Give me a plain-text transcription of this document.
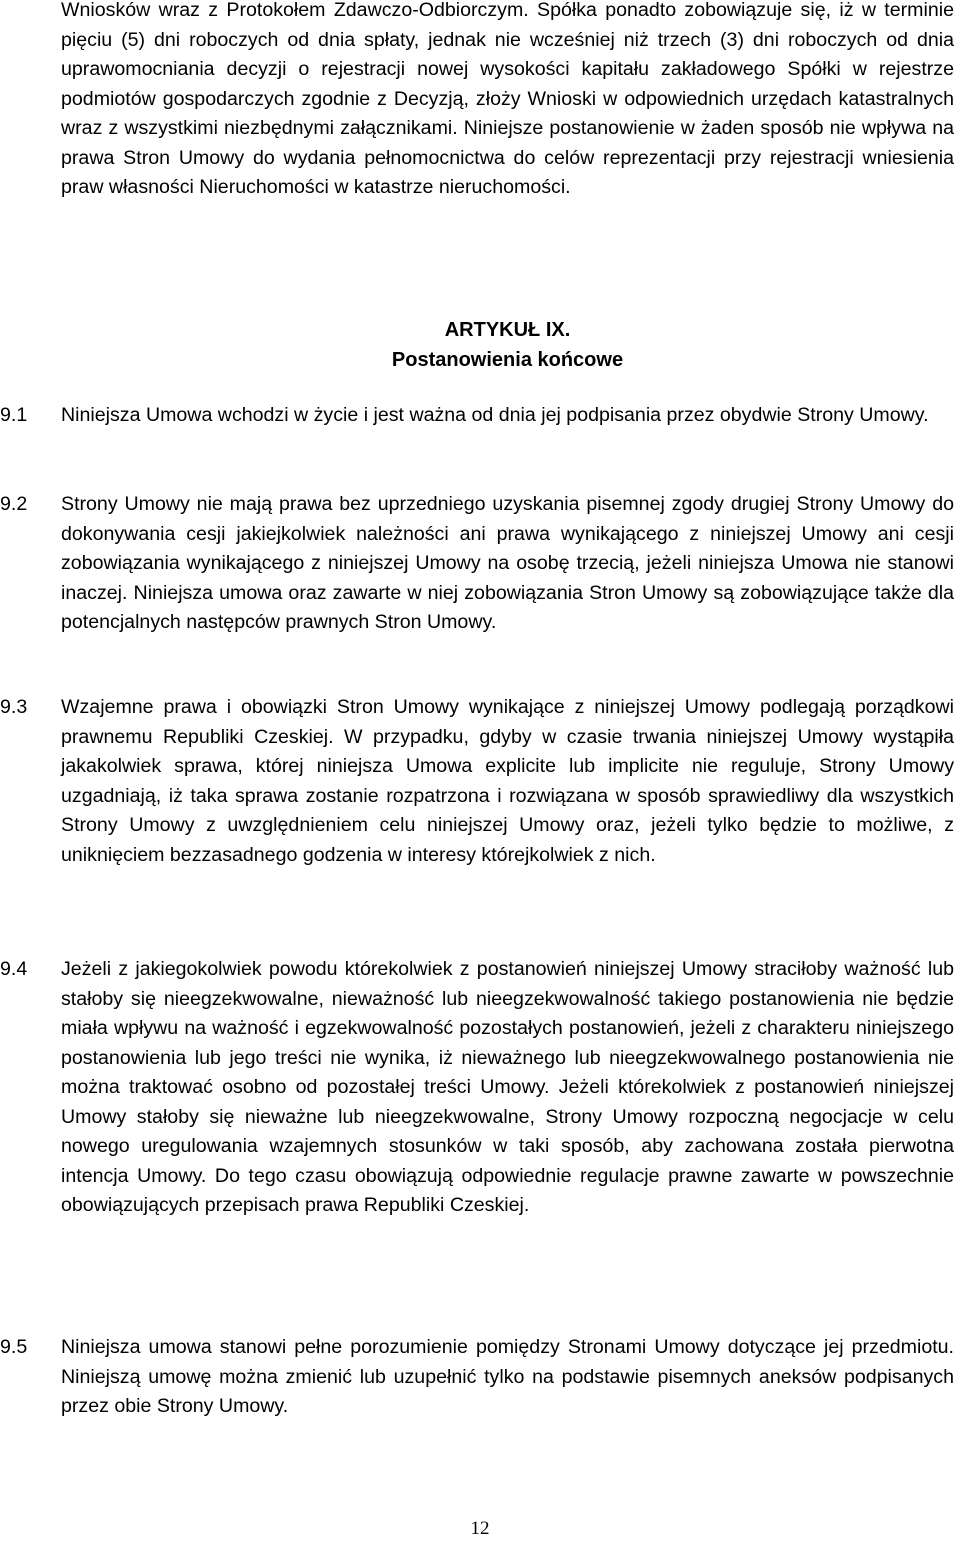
Wniosków wraz z Protokołem Zdawczo-Odbiorczym. Spółka ponadto zobowiązuje się, iż w terminie pięciu (5) dni roboczych od dnia spłaty, jednak nie wcześniej niż trzech (3) dni roboczych od dnia uprawomocniania decyzji o rejestracji nowej wysokości kapitału zakładowego Spółki w rejestrze podmiotów gospodarczych zgodnie z Decyzją, złoży Wnioski w odpowiednich urzędach katastralnych wraz z wszystkimi niezbędnymi załącznikami. Niniejsze postanowienie w żaden sposób nie wpływa na prawa Stron Umowy do wydania pełnomocnictwa do celów reprezentacji przy rejestracji wniesienia praw własności Nieruchomości w katastrze nieruchomości.

ARTYKUŁ IX.
Postanowienia końcowe
9.1	Niniejsza Umowa wchodzi w życie i jest ważna od dnia jej podpisania przez obydwie Strony Umowy.

9.2	Strony Umowy nie mają prawa bez uprzedniego uzyskania pisemnej zgody drugiej Strony Umowy do dokonywania cesji jakiejkolwiek należności ani prawa wynikającego z niniejszej Umowy ani cesji zobowiązania wynikającego z niniejszej Umowy na osobę trzecią, jeżeli niniejsza Umowa nie stanowi inaczej. Niniejsza umowa oraz zawarte w niej zobowiązania Stron Umowy są zobowiązujące także dla potencjalnych następców prawnych Stron Umowy.

9.3	Wzajemne prawa i obowiązki Stron Umowy wynikające z niniejszej Umowy podlegają porządkowi prawnemu Republiki Czeskiej. W przypadku, gdyby w czasie trwania niniejszej Umowy wystąpiła jakakolwiek sprawa, której niniejsza Umowa explicite lub implicite nie reguluje, Strony Umowy uzgadniają, iż taka sprawa zostanie rozpatrzona i rozwiązana w sposób sprawiedliwy dla wszystkich Strony Umowy z uwzględnieniem celu niniejszej Umowy oraz, jeżeli tylko będzie to możliwe, z uniknięciem bezzasadnego godzenia w interesy którejkolwiek z nich.

9.4	Jeżeli z jakiegokolwiek powodu którekolwiek z postanowień niniejszej Umowy straciłoby ważność lub stałoby się nieegzekwowalne, nieważność lub nieegzekwowalność takiego postanowienia nie będzie miała wpływu na ważność i egzekwowalność pozostałych postanowień, jeżeli z charakteru niniejszego postanowienia lub jego treści nie wynika, iż nieważnego lub nieegzekwowalnego postanowienia nie można traktować osobno od pozostałej treści Umowy. Jeżeli którekolwiek z postanowień niniejszej Umowy stałoby się nieważne lub nieegzekwowalne, Strony Umowy rozpoczną negocjacje w celu nowego uregulowania wzajemnych stosunków w taki sposób, aby zachowana została pierwotna intencja Umowy. Do tego czasu obowiązują odpowiednie regulacje prawne zawarte w powszechnie obowiązujących przepisach prawa Republiki Czeskiej.

9.5	Niniejsza umowa stanowi pełne porozumienie pomiędzy Stronami Umowy dotyczące jej przedmiotu. Niniejszą umowę można zmienić lub uzupełnić tylko na podstawie pisemnych aneksów podpisanych przez obie Strony Umowy.

12
